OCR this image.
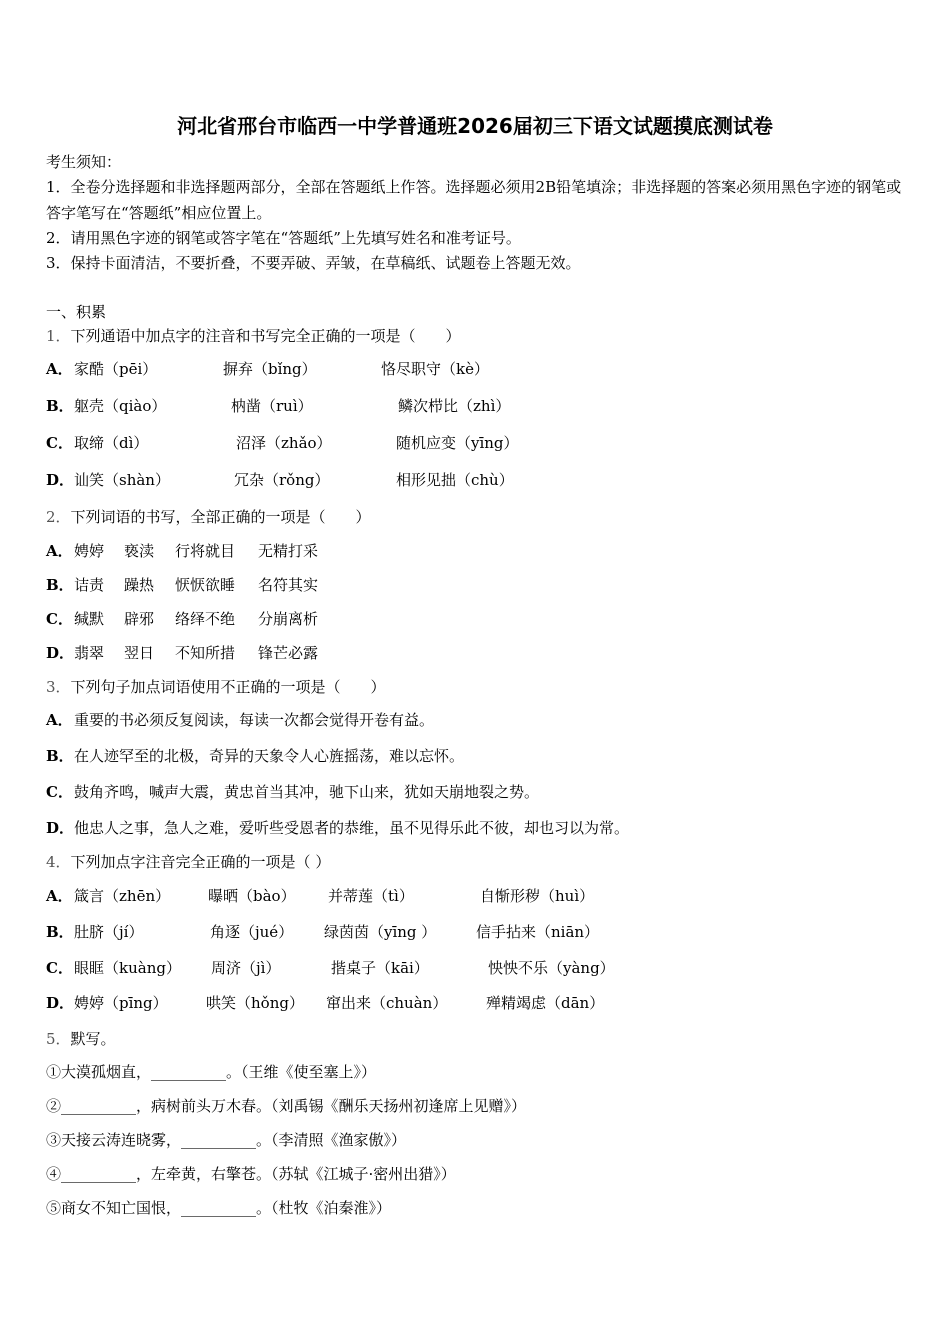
河北省邢台市临西一中学普通班2026届初三下语文试题摸底测试卷
考生须知：
1．全卷分选择题和非选择题两部分，全部在答题纸上作答。选择题必须用2B铅笔填涂；非选择题的答案必须用黑色字迹的钢笔或答字笔写在“答题纸”相应位置上。
2．请用黑色字迹的钢笔或答字笔在“答题纸”上先填写姓名和准考证号。
3．保持卡面清洁，不要折叠，不要弄破、弄皱，在草稿纸、试题卷上答题无效。
一、积累
1．下列通语中加点字的注音和书写完全正确的一项是（　　）
A． 家酷（pēi）	摒弃（bǐng）	恪尽职守（kè）
B． 躯壳（qiào）	枘凿（ruì）	鳞次栉比（zhì）
C． 取缔（dì）	沼泽（zhǎo）	随机应变（yīng）
D． 讪笑（shàn）	冗杂（rǒng）	相形见拙（chù）
2．下列词语的书写，全部正确的一项是（　　）
A． 娉婷 亵渎 行将就目 无精打采
B． 诘责 躁热 恹恹欲睡 名符其实
C． 缄默 辟邪 络绎不绝 分崩离析
D． 翡翠 翌日 不知所措 锋芒必露
3．下列句子加点词语使用不正确的一项是（　　）
A． 重要的书必须反复阅读，每读一次都会觉得开卷有益。
B． 在人迹罕至的北极，奇异的天象令人心旌摇荡，难以忘怀。
C． 鼓角齐鸣，喊声大震，黄忠首当其冲，驰下山来，犹如天崩地裂之势。
D． 他忠人之事，急人之难，爱听些受恩者的恭维，虽不见得乐此不彼，却也习以为常。
4．下列加点字注音完全正确的一项是（ ）
A． 箴言（zhēn）	曝晒（bào） 并蒂莲（tì）	自惭形秽（huì）
B． 肚脐（jí）	角逐（jué） 绿茵茵（yīng ）	信手拈来（niān）
C． 眼眶（kuàng） 周济（jì）	揩桌子（kāi）	怏怏不乐（yàng）
D． 娉婷（pīng）	哄笑（hǒng） 窜出来（chuàn）	殚精竭虑（dān）
5．默写。
①大漠孤烟直，__________。（王维《使至塞上》）
②__________，病树前头万木春。（刘禹锡《酬乐天扬州初逢席上见赠》）
③天接云涛连晓雾，__________。（李清照《渔家傲》）
④__________，左牵黄，右擎苍。（苏轼《江城子·密州出猎》）
⑤商女不知亡国恨，__________。（杜牧《泊秦淮》）
